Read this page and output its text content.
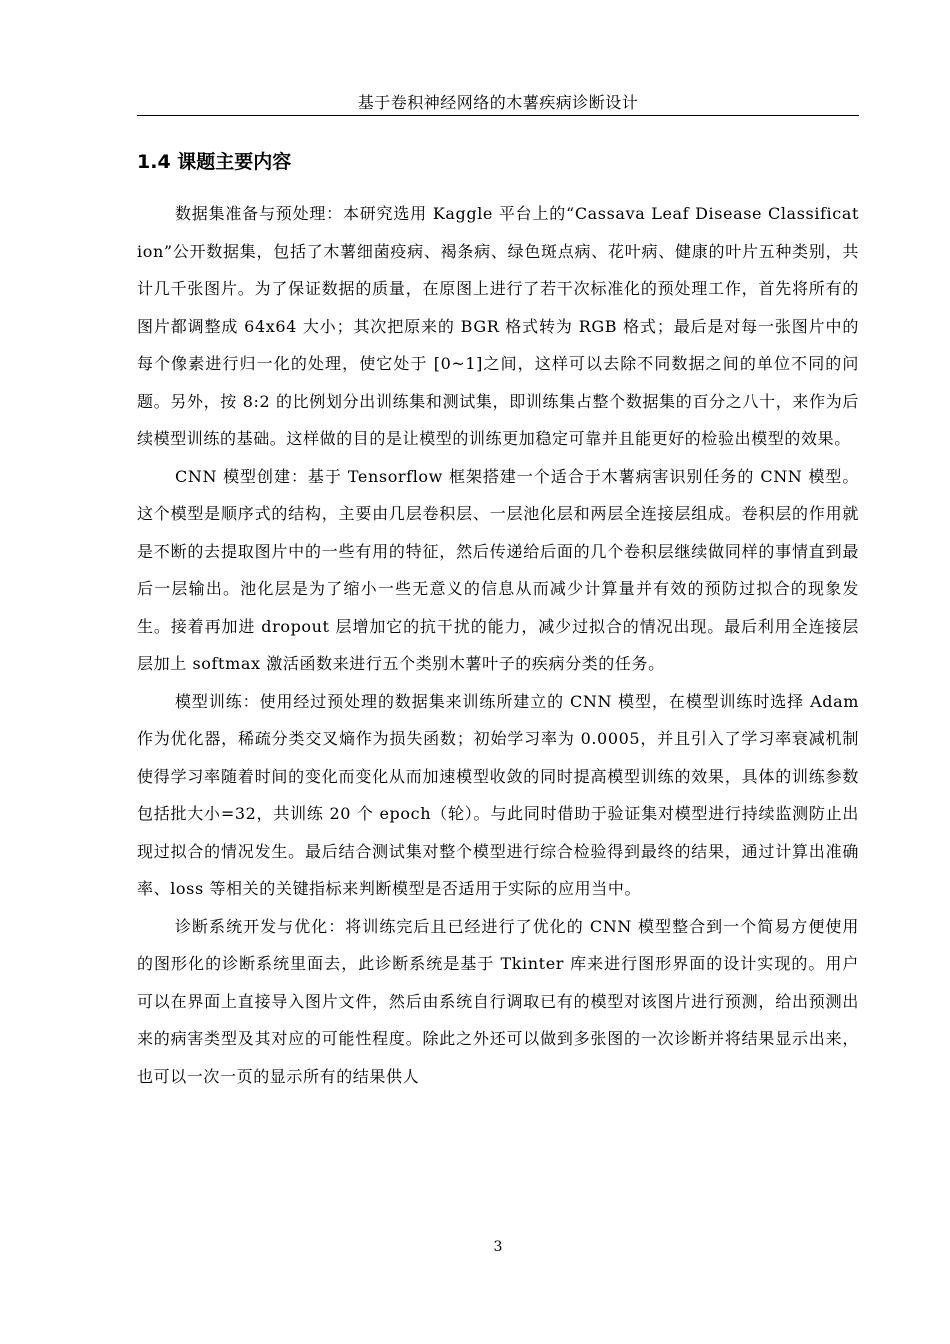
基于卷积神经网络的木薯疾病诊断设计
1.4 课题主要内容

数据集准备与预处理：本研究选用 Kaggle 平台上的“Cassava Leaf Disease Classification”公开数据集，包括了木薯细菌疫病、褐条病、绿色斑点病、花叶病、健康的叶片五种类别，共计几千张图片。为了保证数据的质量，在原图上进行了若干次标准化的预处理工作，首先将所有的图片都调整成 64x64 大小；其次把原来的 BGR 格式转为 RGB 格式；最后是对每一张图片中的每个像素进行归一化的处理，使它处于 [0~1]之间，这样可以去除不同数据之间的单位不同的问题。另外，按 8:2 的比例划分出训练集和测试集，即训练集占整个数据集的百分之八十，来作为后续模型训练的基础。这样做的目的是让模型的训练更加稳定可靠并且能更好的检验出模型的效果。

CNN 模型创建：基于 Tensorflow 框架搭建一个适合于木薯病害识别任务的 CNN 模型。这个模型是顺序式的结构，主要由几层卷积层、一层池化层和两层全连接层组成。卷积层的作用就是不断的去提取图片中的一些有用的特征，然后传递给后面的几个卷积层继续做同样的事情直到最后一层输出。池化层是为了缩小一些无意义的信息从而减少计算量并有效的预防过拟合的现象发生。接着再加进 dropout 层增加它的抗干扰的能力，减少过拟合的情况出现。最后利用全连接层层加上 softmax 激活函数来进行五个类别木薯叶子的疾病分类的任务。

模型训练：使用经过预处理的数据集来训练所建立的 CNN 模型，在模型训练时选择 Adam 作为优化器，稀疏分类交叉熵作为损失函数；初始学习率为 0.0005，并且引入了学习率衰减机制使得学习率随着时间的变化而变化从而加速模型收敛的同时提高模型训练的效果，具体的训练参数包括批大小=32，共训练 20 个 epoch（轮）。与此同时借助于验证集对模型进行持续监测防止出现过拟合的情况发生。最后结合测试集对整个模型进行综合检验得到最终的结果，通过计算出准确率、loss 等相关的关键指标来判断模型是否适用于实际的应用当中。

诊断系统开发与优化：将训练完后且已经进行了优化的 CNN 模型整合到一个简易方便使用的图形化的诊断系统里面去，此诊断系统是基于 Tkinter 库来进行图形界面的设计实现的。用户可以在界面上直接导入图片文件，然后由系统自行调取已有的模型对该图片进行预测，给出预测出来的病害类型及其对应的可能性程度。除此之外还可以做到多张图的一次诊断并将结果显示出来，也可以一次一页的显示所有的结果供人

3
